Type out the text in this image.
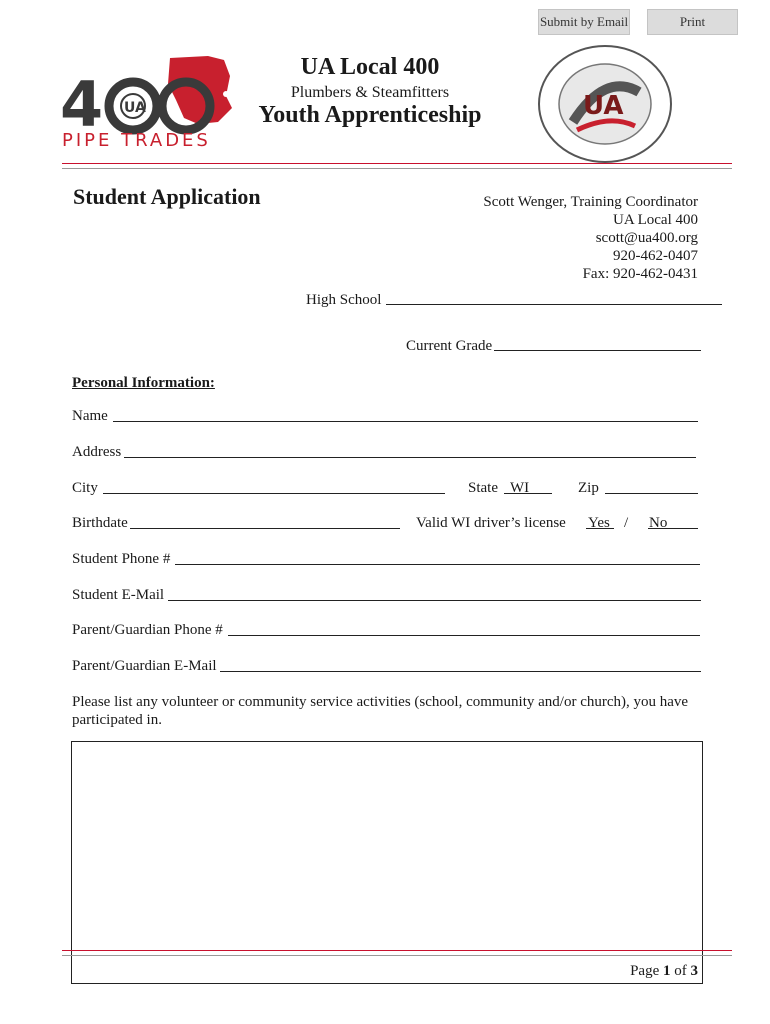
Submit by Email	Print
4 UA
PIPE TRADES
UA Local 400
Plumbers & Steamfitters
Youth Apprenticeship	UA
Student Application	Scott Wenger, Training Coordinator
UA Local 400
scott@ua400.org
920-462-0407
Fax: 920-462-0431
High School
Current Grade
Personal Information:
Name
Address
City	State WI	Zip
Birthdate	Valid WI driver’s license Yes / No
Student Phone #
Student E-Mail
Parent/Guardian Phone #
Parent/Guardian E-Mail
Please list any volunteer or community service activities (school, community and/or church), you have participated in.
Page 1 of 3
